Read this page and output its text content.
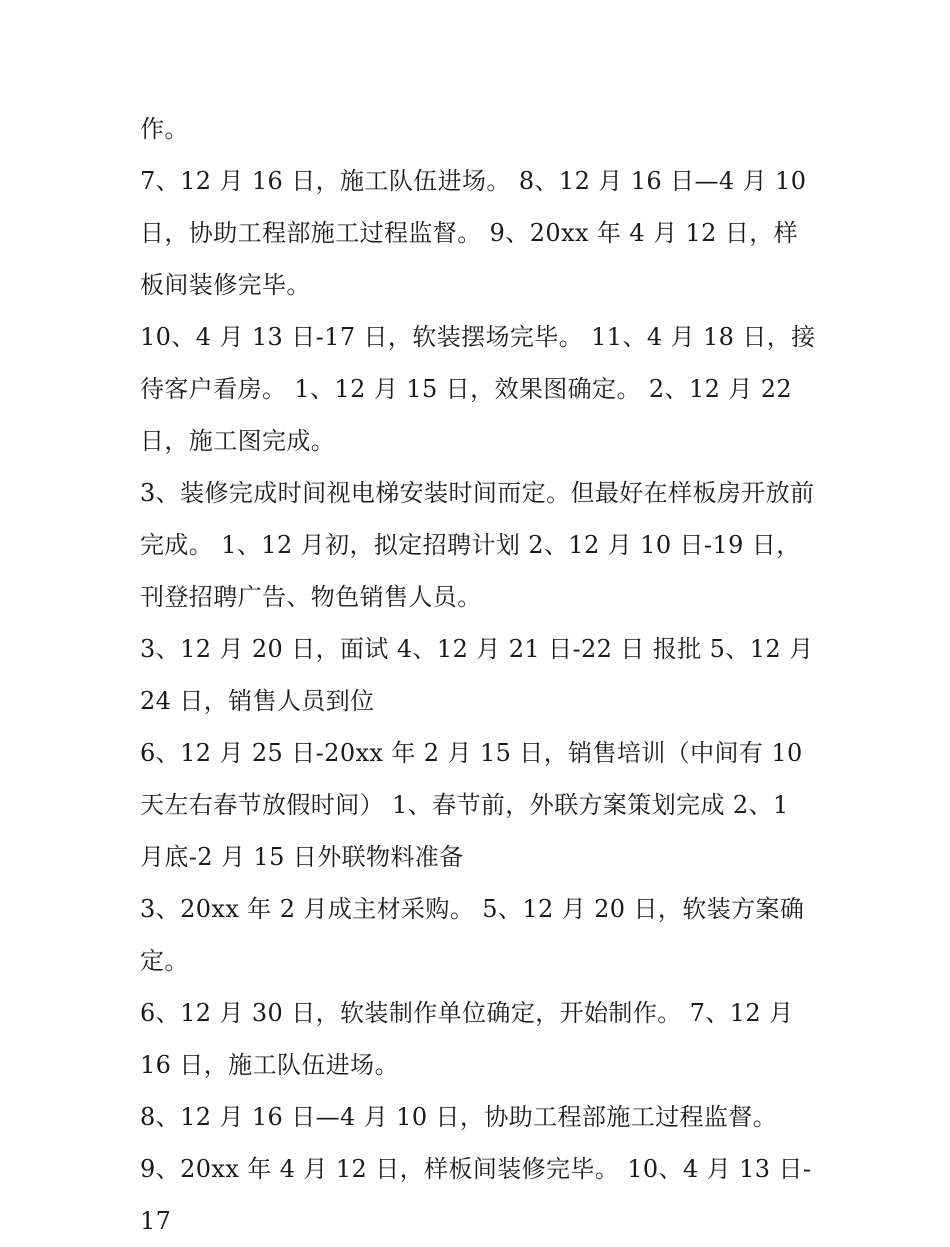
作。

7、12 月 16 日，施工队伍进场。 8、12 月 16 日—4 月 10 日，协助工程部施工过程监督。 9、20xx 年 4 月 12 日，样板间装修完毕。

10、4 月 13 日-17 日，软装摆场完毕。 11、4 月 18 日，接待客户看房。 1、12 月 15 日，效果图确定。 2、12 月 22 日，施工图完成。

3、装修完成时间视电梯安装时间而定。但最好在样板房开放前完成。 1、12 月初，拟定招聘计划 2、12 月 10 日-19 日，刊登招聘广告、物色销售人员。

3、12 月 20 日，面试 4、12 月 21 日-22 日 报批 5、12 月 24 日，销售人员到位

6、12 月 25 日-20xx 年 2 月 15 日，销售培训（中间有 10 天左右春节放假时间） 1、春节前，外联方案策划完成 2、1 月底-2 月 15 日外联物料准备

3、20xx 年 2 月成主材采购。 5、12 月 20 日，软装方案确定。

6、12 月 30 日，软装制作单位确定，开始制作。 7、12 月 16 日，施工队伍进场。

8、12 月 16 日—4 月 10 日，协助工程部施工过程监督。

9、20xx 年 4 月 12 日，样板间装修完毕。 10、4 月 13 日-17
